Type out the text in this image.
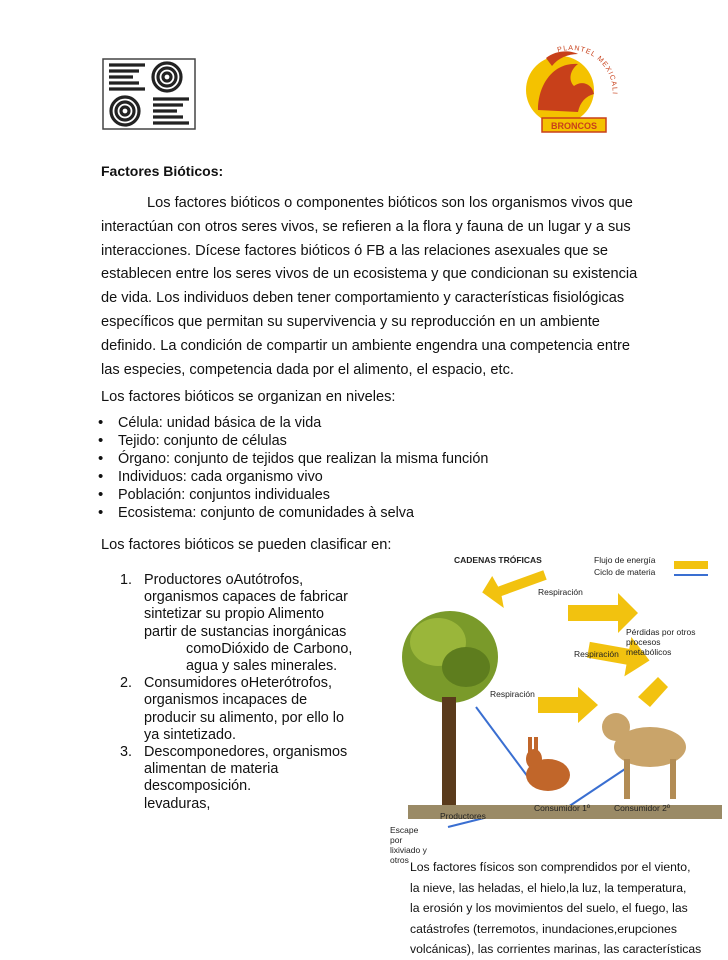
BRONCOS
PLANTEL MEXICALI
Factores Bióticos:

Los factores bióticos o componentes bióticos son los organismos vivos que interactúan con otros seres vivos, se refieren a la flora y fauna de un lugar y a sus interacciones. Dícese factores bióticos ó FB a las relaciones asexuales que se establecen entre los seres vivos de un ecosistema y que condicionan su existencia de vida. Los individuos deben tener comportamiento y características fisiológicas específicos que permitan su supervivencia y su reproducción en un ambiente definido. La condición de compartir un ambiente engendra una competencia entre las especies, competencia dada por el alimento, el espacio, etc.

Los factores bióticos se organizan en niveles:
• Célula: unidad básica de la vida
• Tejido: conjunto de células
• Órgano: conjunto de tejidos que realizan la misma función
• Individuos: cada organismo vivo
• Población: conjuntos individuales
• Ecosistema: conjunto de comunidades à selva
Los factores bióticos se pueden clasificar en:
1. Productores oAutótrofos,
organismos capaces de fabricar
sintetizar su propio Alimento
partir de sustancias inorgánicas
comoDióxido de Carbono,
agua y sales minerales.
2. Consumidores oHeterótrofos,
organismos incapaces de
producir su alimento, por ello lo
ya sintetizado.
3. Descomponedores, organismos
alimentan de materia
descomposición.
levaduras,
CADENAS TRÓFICAS	Flujo de energía
Ciclo de materia
Respiración
Pérdidas por otros procesos metabólicos
Respiración
Respiración
Consumidor 1º	Consumidor 2º
Productores
Escape por lixiviado y otros Los factores físicos son comprendidos por el viento,
la nieve, las heladas, el hielo,la luz, la temperatura,
la erosión y los movimientos del suelo, el fuego, las
catástrofes (terremotos, inundaciones,erupciones
volcánicas), las corrientes marinas, las características
